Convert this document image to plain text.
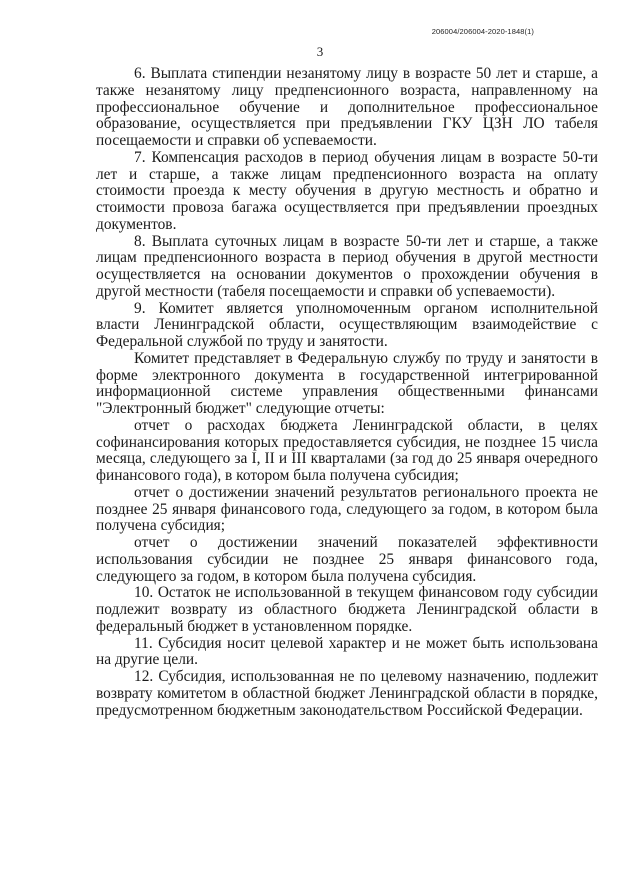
206004/206004-2020-1848(1)
3

6. Выплата стипендии незанятому лицу в возрасте 50 лет и старше, а также незанятому лицу предпенсионного возраста, направленному на профессиональное обучение и дополнительное профессиональное образование, осуществляется при предъявлении ГКУ ЦЗН ЛО табеля посещаемости и справки об успеваемости.

7. Компенсация расходов в период обучения лицам в возрасте 50-ти лет и старше, а также лицам предпенсионного возраста на оплату стоимости проезда к месту обучения в другую местность и обратно и стоимости провоза багажа осуществляется при предъявлении проездных документов.

8. Выплата суточных лицам в возрасте 50-ти лет и старше, а также лицам предпенсионного возраста в период обучения в другой местности осуществляется на основании документов о прохождении обучения в другой местности (табеля посещаемости и справки об успеваемости).

9. Комитет является уполномоченным органом исполнительной власти Ленинградской области, осуществляющим взаимодействие с Федеральной службой по труду и занятости.

Комитет представляет в Федеральную службу по труду и занятости в форме электронного документа в государственной интегрированной информационной системе управления общественными финансами "Электронный бюджет" следующие отчеты:

отчет о расходах бюджета Ленинградской области, в целях софинансирования которых предоставляется субсидия, не позднее 15 числа месяца, следующего за I, II и III кварталами (за год до 25 января очередного финансового года), в котором была получена субсидия;

отчет о достижении значений результатов регионального проекта не позднее 25 января финансового года, следующего за годом, в котором была получена субсидия;

отчет о достижении значений показателей эффективности использования субсидии не позднее 25 января финансового года, следующего за годом, в котором была получена субсидия.

10. Остаток не использованной в текущем финансовом году субсидии подлежит возврату из областного бюджета Ленинградской области в федеральный бюджет в установленном порядке.

11. Субсидия носит целевой характер и не может быть использована на другие цели.

12. Субсидия, использованная не по целевому назначению, подлежит возврату комитетом в областной бюджет Ленинградской области в порядке, предусмотренном бюджетным законодательством Российской Федерации.
